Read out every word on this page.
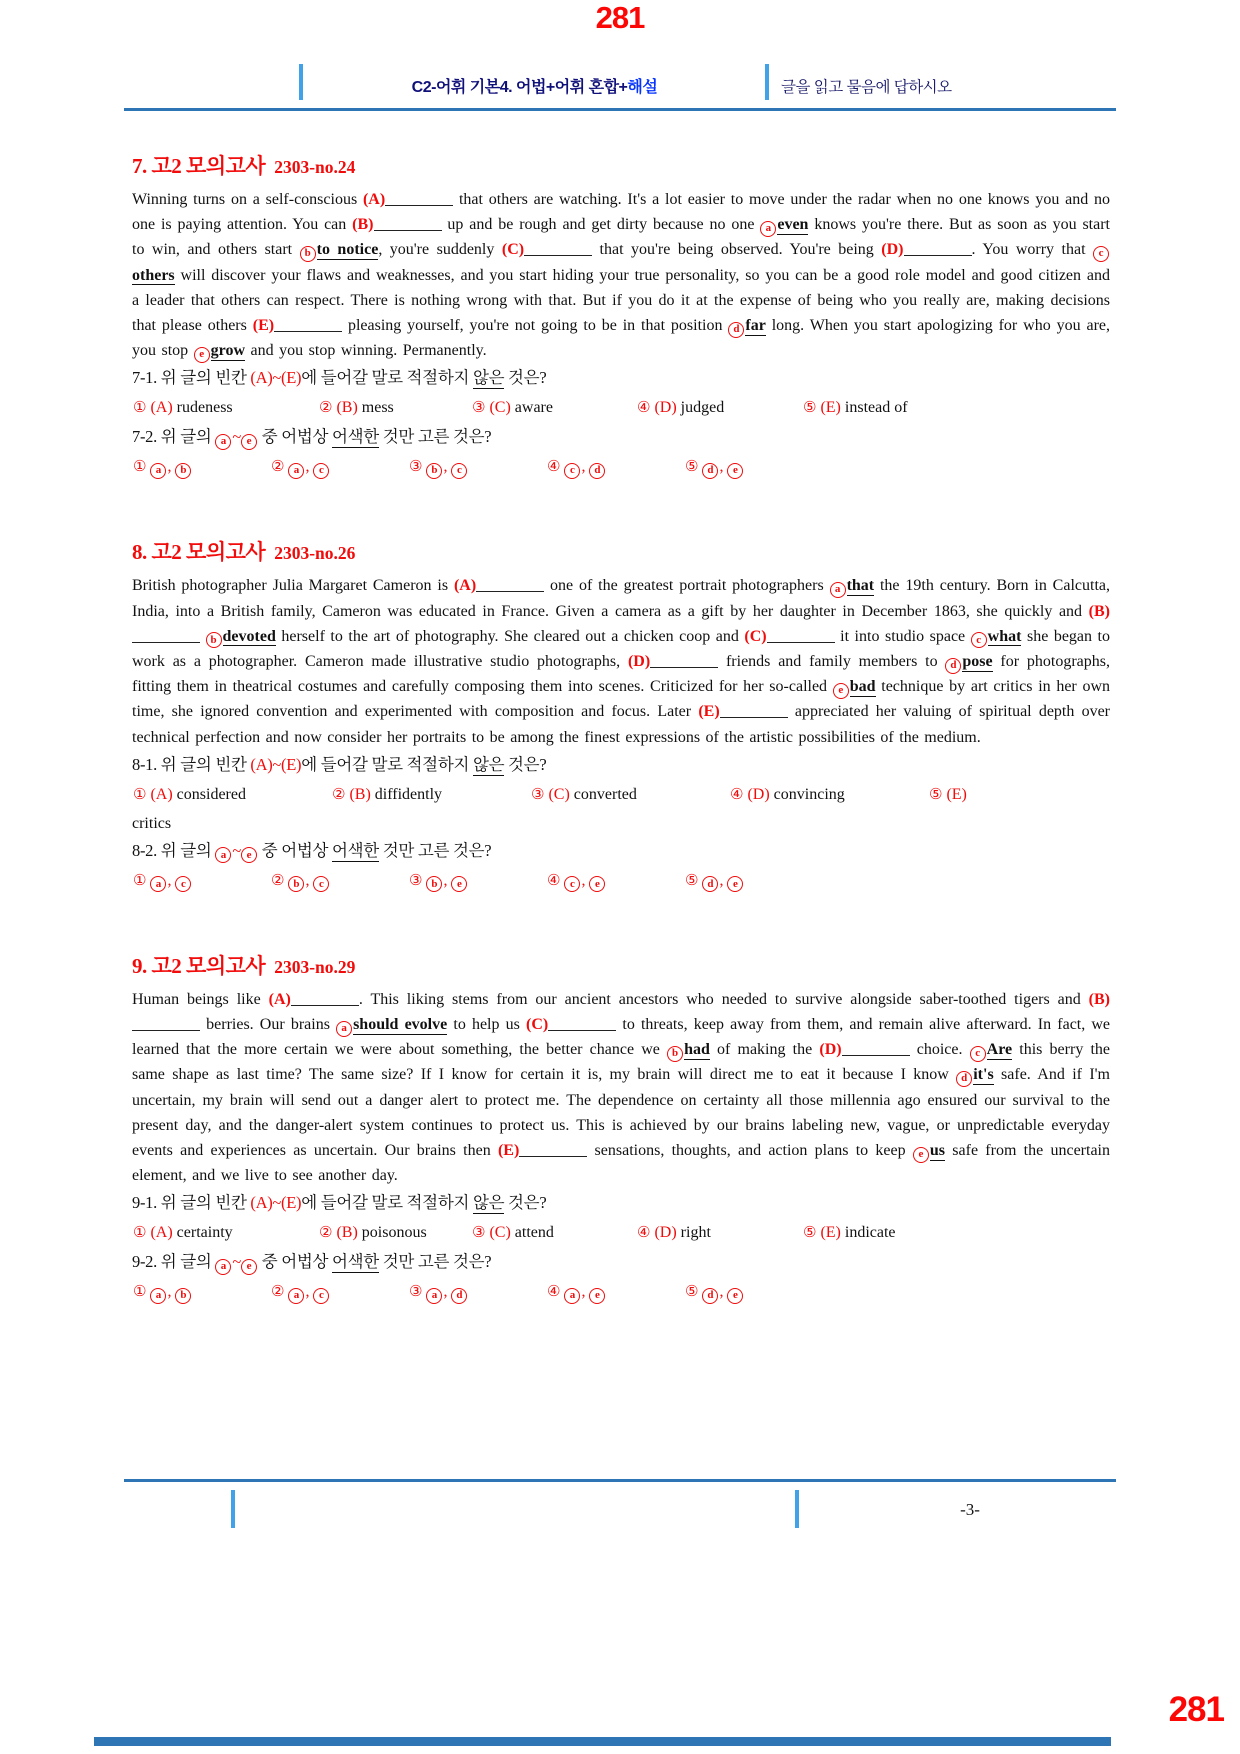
281
C2-어휘 기본4. 어법+어휘 혼합+해설	글을 읽고 물음에 답하시오
7. 고2 모의고사 2303-no.24

Winning turns on a self-conscious (A)	that others are watching. It's a lot easier to move under the radar when no one knows you and no one is paying attention. You can (B)	up and be rough and get dirty because no one a even knows you're there. But as soon as you start to win, and others start b to notice, you're suddenly (C)	that you're being observed. You're being (D)	. You worry that cothers will discover your flaws and weaknesses, and you start hiding your true personality, so you can be a good role model and good citizen and a leader that others can respect. There is nothing wrong with that. But if you do it at the expense of being who you really are, making decisions that please others (E)	pleasing yourself, you're not going to be in that position d far long. When you start apologizing for who you are, you stop e grow and you stop winning. Permanently.

7-1. 위 글의 빈칸 (A)~(E)에 들어갈 말로 적절하지 않은 것은?

① (A) rudeness	② (B) mess	③ (C) aware	④ (D) judged	⑤ (E) instead of

7-2. 위 글의 a ~ e 중 어법상 어색한 것만 고른 것은?

① a , b	② a , c	③ b , c	④ c , d	⑤ d , e
8. 고2 모의고사 2303-no.26

British photographer Julia Margaret Cameron is (A)	one of the greatest portrait photographers a that the 19th century. Born in Calcutta, India, into a British family, Cameron was educated in France. Given a camera as a gift by her daughter in December 1863, she quickly and (B) b devoted herself to the art of photography. She cleared out a chicken coop and (C)	it into studio space c what she began to work as a photographer. Cameron made illustrative studio photographs, (D)	friends and family members to d pose for photographs, fitting them in theatrical costumes and carefully composing them into scenes. Criticized for her so-called e bad technique by art critics in her own time, she ignored convention and experimented with composition and focus. Later (E)	appreciated her valuing of spiritual depth over technical perfection and now consider her portraits to be among the finest expressions of the artistic possibilities of the medium.

8-1. 위 글의 빈칸 (A)~(E)에 들어갈 말로 적절하지 않은 것은?

① (A) considered	② (B) diffidently	③ (C) converted	④ (D) convincing	⑤ (E)
critics

8-2. 위 글의 a ~ e 중 어법상 어색한 것만 고른 것은?

① a , c	② b , c	③ b , e	④ c , e	⑤ d , e
9. 고2 모의고사 2303-no.29

Human beings like (A)	. This liking stems from our ancient ancestors who needed to survive alongside saber-toothed tigers and (B) berries. Our brains a should evolve to help us (C)	to threats, keep away from them, and remain alive afterward. In fact, we learned that the more certain we were about something, the better chance we b had of making the (D)	choice. c Are this berry the same shape as last time? The same size? If I know for certain it is, my brain will direct me to eat it because I know d it's safe. And if I'm uncertain, my brain will send out a danger alert to protect me. The dependence on certainty all those millennia ago ensured our survival to the present day, and the danger-alert system continues to protect us. This is achieved by our brains labeling new, vague, or unpredictable everyday events and experiences as uncertain. Our brains then (E)	sensations, thoughts, and action plans to keep e us safe from the uncertain element, and we live to see another day.

9-1. 위 글의 빈칸 (A)~(E)에 들어갈 말로 적절하지 않은 것은?

① (A) certainty	② (B) poisonous	③ (C) attend	④ (D) right	⑤ (E) indicate

9-2. 위 글의 a ~ e 중 어법상 어색한 것만 고른 것은?

① a , b	② a , c	③ a , d	④ a , e	⑤ d , e
-3-
281
